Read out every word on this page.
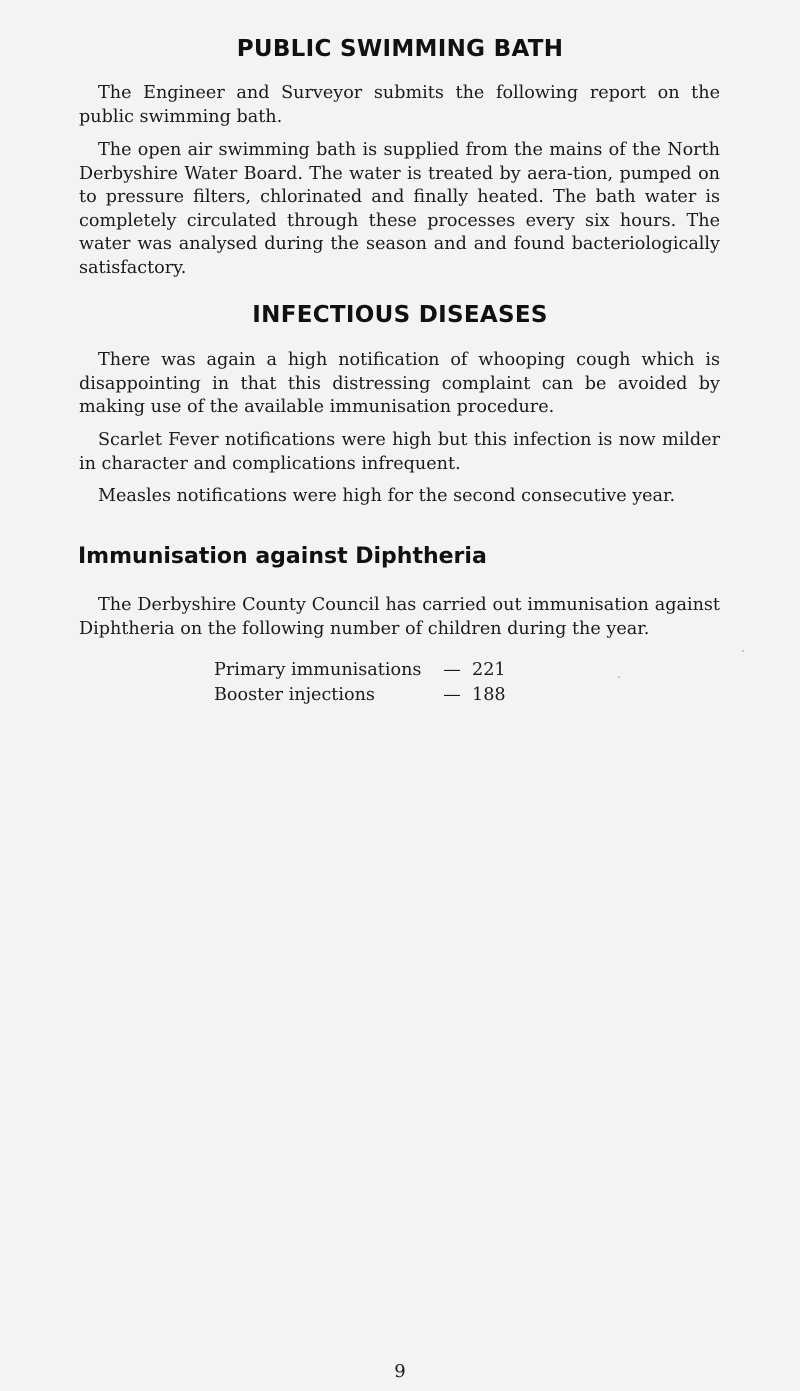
PUBLIC SWIMMING BATH

The Engineer and Surveyor submits the following report on the public swimming bath.

The open air swimming bath is supplied from the mains of the North Derbyshire Water Board. The water is treated by aera-tion, pumped on to pressure filters, chlorinated and finally heated. The bath water is completely circulated through these processes every six hours. The water was analysed during the season and and found bacteriologically satisfactory.

INFECTIOUS DISEASES

There was again a high notification of whooping cough which is disappointing in that this distressing complaint can be avoided by making use of the available immunisation procedure.

Scarlet Fever notifications were high but this infection is now milder in character and complications infrequent.

Measles notifications were high for the second consecutive year.

Immunisation against Diphtheria

The Derbyshire County Council has carried out immunisation against Diphtheria on the following number of children during the year.

Primary immunisations — 221
Booster injections	— 188
9
